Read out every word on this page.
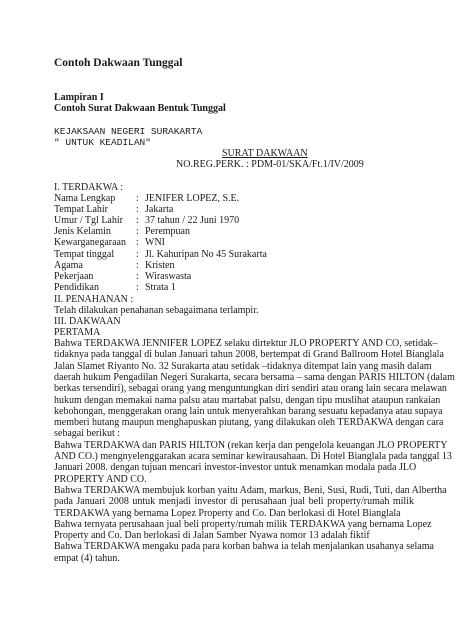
Contoh Dakwaan Tunggal
Lampiran I
Contoh Surat Dakwaan Bentuk Tunggal
KEJAKSAAN NEGERI SURAKARTA
" UNTUK KEADILAN"
SURAT DAKWAAN
NO.REG.PERK. : PDM-01/SKA/Ft.1/IV/2009
I. TERDAKWA :
Nama Lengkap : JENIFER LOPEZ, S.E.
Tempat Lahir	: Jakarta
Umur / Tgl Lahir : 37 tahun / 22 Juni 1970
Jenis Kelamin	: Perempuan
Kewarganegaraan : WNI
Tempat tinggal : Jl. Kahuripan No 45 Surakarta
Agama	: Kristen
Pekerjaan	: Wiraswasta
Pendidikan	: Strata 1
II. PENAHANAN :
Telah dilakukan penahanan sebagaimana terlampir.
III. DAKWAAN
PERTAMA
Bahwa TERDAKWA JENNIFER LOPEZ selaku dirtektur JLO PROPERTY AND CO, setidak–
tidaknya pada tanggal di bulan Januari tahun 2008, bertempat di Grand Ballroom Hotel Bianglala
Jalan Slamet Riyanto No. 32 Surakarta atau setidak –tidaknya ditempat lain yang masih dalam
daerah hukum Pengadilan Negeri Surakarta, secara bersama – sama dengan PARIS HILTON (dalam
berkas tersendiri), sebagai orang yang menguntungkan diri sendiri atau orang lain secara melawan
hukum dengan memakai nama palsu atau martabat palsu, dengan tipu muslihat ataupun rankaian
kebohongan, menggerakan orang lain untuk menyerahkan barang sesuatu kepadanya atau supaya
memberi hutang maupun menghapuskan piutang, yang dilakukan oleh TERDAKWA dengan cara
sebagai berikut :
Bahwa TERDAKWA dan PARIS HILTON (rekan kerja dan pengelola keuangan JLO PROPERTY
AND CO.) mengnyelenggarakan acara seminar kewirausahaan. Di Hotel Bianglala pada tanggal 13
Januari 2008. dengan tujuan mencari investor-investor untuk menamkan modala pada JLO
PROPERTY AND CO.
Bahwa TERDAKWA membujuk korban yaitu Adam, markus, Beni, Susi, Rudi, Tuti, dan Albertha
pada Januari 2008 untuk menjadi investor di perusahaan jual beli property/rumah milik
TERDAKWA yang bernama Lopez Property and Co. Dan berlokasi di Hotel Bianglala
Bahwa ternyata perusahaan jual beli property/rumah milik TERDAKWA yang bernama Lopez
Property and Co. Dan berlokasi di Jalan Samber Nyawa nomor 13 adalah fiktif
Bahwa TERDAKWA mengaku pada para korban bahwa ia telah menjalankan usahanya selama
empat (4) tahun.
